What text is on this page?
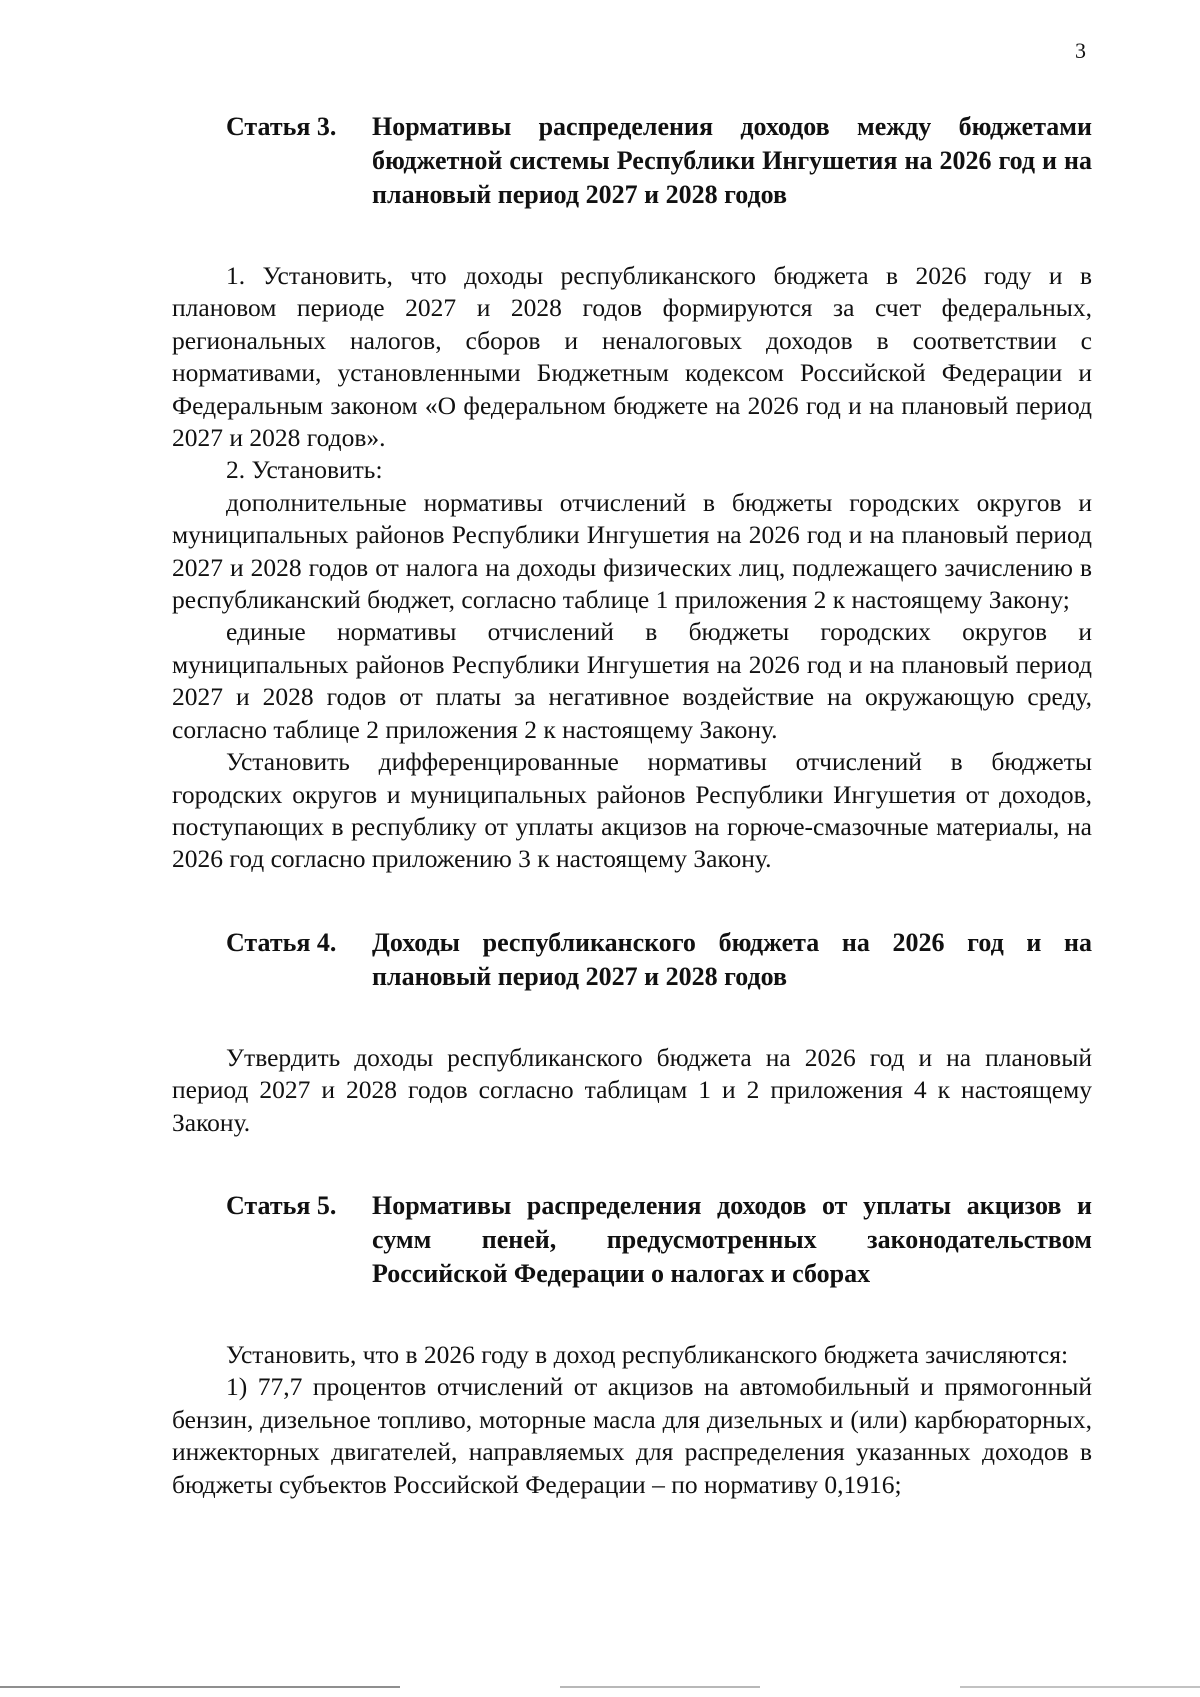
3
Статья 3.	Нормативы распределения доходов между бюджетами бюджетной системы Республики Ингушетия на 2026 год и на плановый период 2027 и 2028 годов

1. Установить, что доходы республиканского бюджета в 2026 году и в плановом периоде 2027 и 2028 годов формируются за счет федеральных, региональных налогов, сборов и неналоговых доходов в соответствии с нормативами, установленными Бюджетным кодексом Российской Федерации и Федеральным законом «О федеральном бюджете на 2026 год и на плановый период 2027 и 2028 годов».

2. Установить:

дополнительные нормативы отчислений в бюджеты городских округов и муниципальных районов Республики Ингушетия на 2026 год и на плановый период 2027 и 2028 годов от налога на доходы физических лиц, подлежащего зачислению в республиканский бюджет, согласно таблице 1 приложения 2 к настоящему Закону;

единые нормативы отчислений в бюджеты городских округов и муниципальных районов Республики Ингушетия на 2026 год и на плановый период 2027 и 2028 годов от платы за негативное воздействие на окружающую среду, согласно таблице 2 приложения 2 к настоящему Закону.

Установить дифференцированные нормативы отчислений в бюджеты городских округов и муниципальных районов Республики Ингушетия от доходов, поступающих в республику от уплаты акцизов на горюче-смазочные материалы, на 2026 год согласно приложению 3 к настоящему Закону.

Статья 4.	Доходы республиканского бюджета на 2026 год и на плановый период 2027 и 2028 годов

Утвердить доходы республиканского бюджета на 2026 год и на плановый период 2027 и 2028 годов согласно таблицам 1 и 2 приложения 4 к настоящему Закону.

Статья 5.	Нормативы распределения доходов от уплаты акцизов и сумм пеней, предусмотренных законодательством Российской Федерации о налогах и сборах

Установить, что в 2026 году в доход республиканского бюджета зачисляются:

1) 77,7 процентов отчислений от акцизов на автомобильный и прямогонный бензин, дизельное топливо, моторные масла для дизельных и (или) карбюраторных, инжекторных двигателей, направляемых для распределения указанных доходов в бюджеты субъектов Российской Федерации – по нормативу 0,1916;
